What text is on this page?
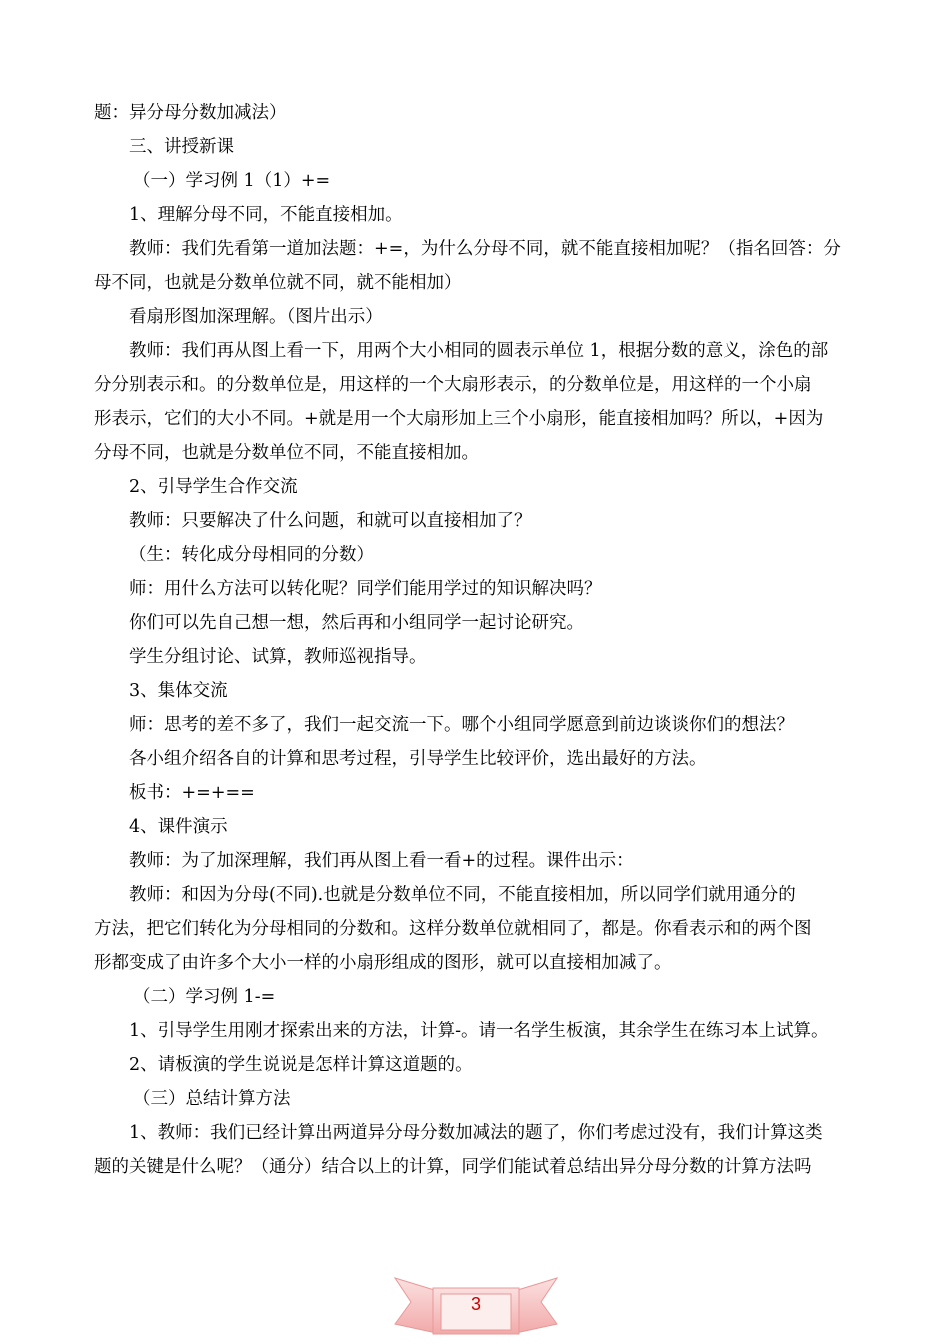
题：异分母分数加减法）
三、讲授新课
（一）学习例 1（1）+=
1、理解分母不同，不能直接相加。
教师：我们先看第一道加法题：+=，为什么分母不同，就不能直接相加呢？（指名回答：分
母不同，也就是分数单位就不同，就不能相加）
看扇形图加深理解。（图片出示）
教师：我们再从图上看一下，用两个大小相同的圆表示单位 1，根据分数的意义，涂色的部
分分别表示和。的分数单位是，用这样的一个大扇形表示，的分数单位是，用这样的一个小扇
形表示，它们的大小不同。+就是用一个大扇形加上三个小扇形，能直接相加吗？所以，+因为
分母不同，也就是分数单位不同，不能直接相加。
2、引导学生合作交流
教师：只要解决了什么问题，和就可以直接相加了？
（生：转化成分母相同的分数）
师：用什么方法可以转化呢？同学们能用学过的知识解决吗？
你们可以先自己想一想，然后再和小组同学一起讨论研究。
学生分组讨论、试算，教师巡视指导。
3、集体交流
师：思考的差不多了，我们一起交流一下。哪个小组同学愿意到前边谈谈你们的想法？
各小组介绍各自的计算和思考过程，引导学生比较评价，选出最好的方法。
板书：+=+==
4、课件演示
教师：为了加深理解，我们再从图上看一看+的过程。课件出示：
教师：和因为分母(不同).也就是分数单位不同，不能直接相加，所以同学们就用通分的
方法，把它们转化为分母相同的分数和。这样分数单位就相同了，都是。你看表示和的两个图
形都变成了由许多个大小一样的小扇形组成的图形，就可以直接相加减了。
（二）学习例 1-=
1、引导学生用刚才探索出来的方法，计算-。请一名学生板演，其余学生在练习本上试算。
2、请板演的学生说说是怎样计算这道题的。
（三）总结计算方法
1、教师：我们已经计算出两道异分母分数加减法的题了，你们考虑过没有，我们计算这类
题的关键是什么呢？（通分）结合以上的计算，同学们能试着总结出异分母分数的计算方法吗
3
